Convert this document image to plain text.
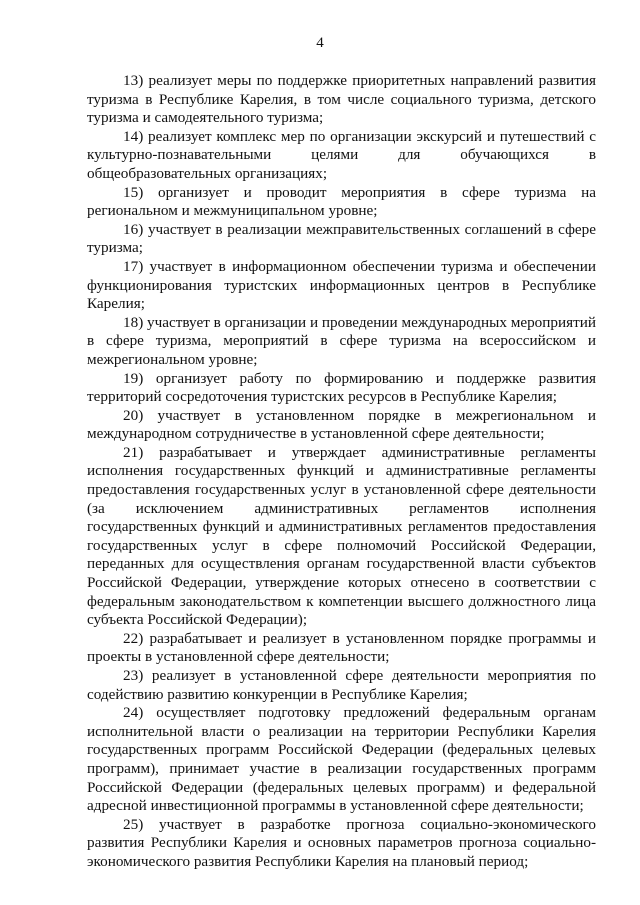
4

13) реализует меры по поддержке приоритетных направлений развития туризма в Республике Карелия, в том числе социального туризма, детского туризма и самодеятельного туризма;

14) реализует комплекс мер по организации экскурсий и путешествий с культурно-познавательными целями для обучающихся в общеобразовательных организациях;

15) организует и проводит мероприятия в сфере туризма на региональном и межмуниципальном уровне;

16) участвует в реализации межправительственных соглашений в сфере туризма;

17) участвует в информационном обеспечении туризма и обеспечении функционирования туристских информационных центров в Республике Карелия;

18) участвует в организации и проведении международных мероприятий в сфере туризма, мероприятий в сфере туризма на всероссийском и межрегиональном уровне;

19) организует работу по формированию и поддержке развития территорий сосредоточения туристских ресурсов в Республике Карелия;

20) участвует в установленном порядке в межрегиональном и международном сотрудничестве в установленной сфере деятельности;

21) разрабатывает и утверждает административные регламенты исполнения государственных функций и административные регламенты предоставления государственных услуг в установленной сфере деятельности (за исключением административных регламентов исполнения государственных функций и административных регламентов предоставления государственных услуг в сфере полномочий Российской Федерации, переданных для осуществления органам государственной власти субъектов Российской Федерации, утверждение которых отнесено в соответствии с федеральным законодательством к компетенции высшего должностного лица субъекта Российской Федерации);

22) разрабатывает и реализует в установленном порядке программы и проекты в установленной сфере деятельности;

23) реализует в установленной сфере деятельности мероприятия по содействию развитию конкуренции в Республике Карелия;

24) осуществляет подготовку предложений федеральным органам исполнительной власти о реализации на территории Республики Карелия государственных программ Российской Федерации (федеральных целевых программ), принимает участие в реализации государственных программ Российской Федерации (федеральных целевых программ) и федеральной адресной инвестиционной программы в установленной сфере деятельности;

25) участвует в разработке прогноза социально-экономического развития Республики Карелия и основных параметров прогноза социально-экономического развития Республики Карелия на плановый период;
